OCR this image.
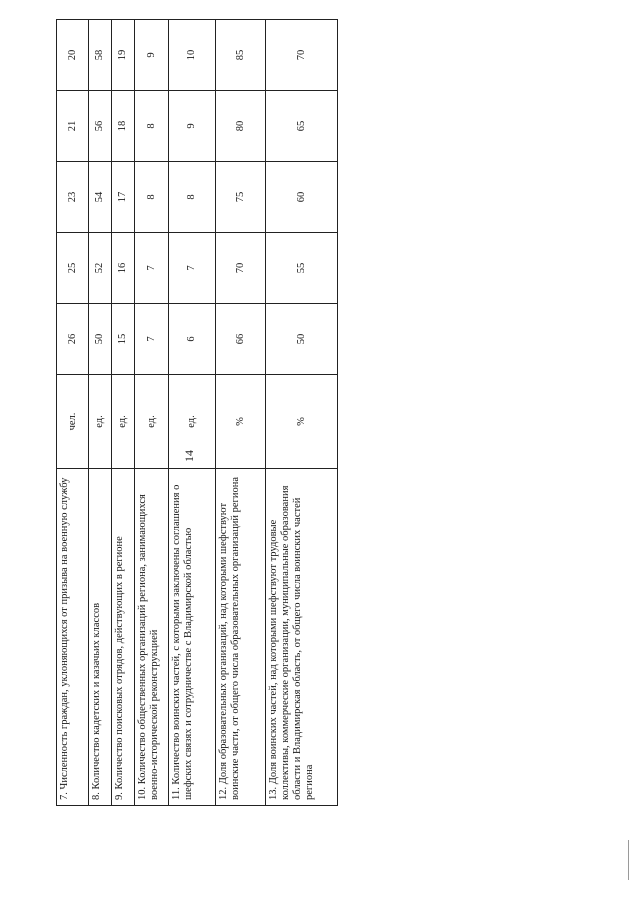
14
7. Численность граждан, уклоняющихся от призыва на военную службу	чел.	26	25	23	21	20
8. Количество кадетских и казачьих классов	ед.	50	52	54	56	58
9. Количество поисковых отрядов, действующих в регионе	ед.	15	16	17	18	19
10. Количество общественных организаций региона, занимающихся военно-исторической реконструкцией	ед.	7	7	8	8	9
11. Количество воинских частей, с которыми заключены соглашения о шефских связях и сотрудничестве с Владимирской областью	ед.	6	7	8	9	10
12. Доля образовательных организаций, над которыми шефствуют воинские части, от общего числа образовательных организаций региона	%	66	70	75	80	85
13. Доля воинских частей, над которыми шефствуют трудовые коллективы, коммерческие организации, муниципальные образования области и Владимирская область, от общего числа воинских частей региона	%	50	55	60	65	70
